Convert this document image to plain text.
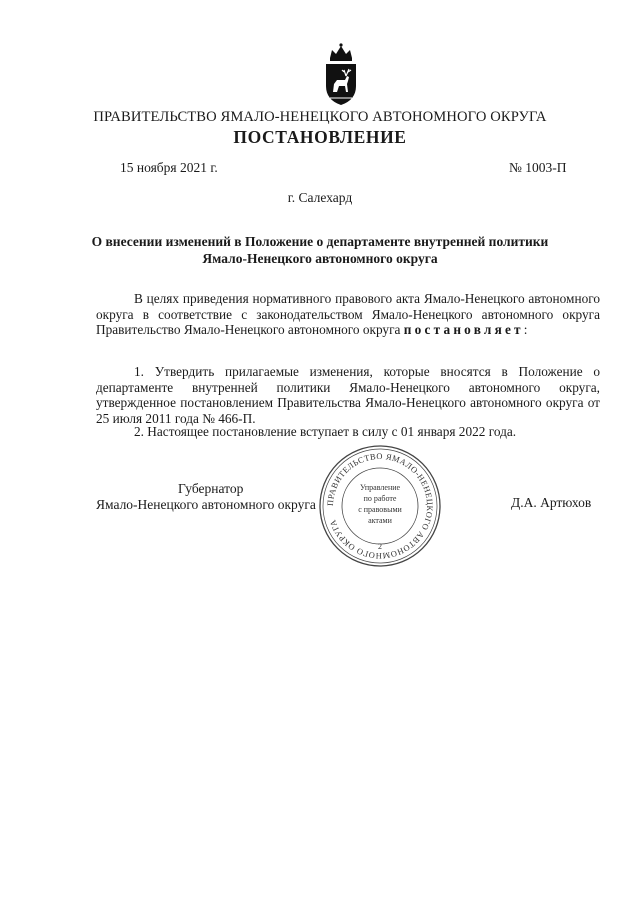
ПРАВИТЕЛЬСТВО ЯМАЛО-НЕНЕЦКОГО АВТОНОМНОГО ОКРУГА
ПОСТАНОВЛЕНИЕ
15 ноября 2021 г.	№ 1003-П
г. Салехард
О внесении изменений в Положение о департаменте внутренней политики
Ямало-Ненецкого автономного округа
В целях приведения нормативного правового акта Ямало-Ненецкого автономного округа в соответствие с законодательством Ямало-Ненецкого автономного округа Правительство Ямало-Ненецкого автономного округа постановляет:
1. Утвердить прилагаемые изменения, которые вносятся в Положение о департаменте внутренней политики Ямало-Ненецкого автономного округа, утвержденное постановлением Правительства Ямало-Ненецкого автономного округа от 25 июля 2011 года № 466-П.
2. Настоящее постановление вступает в силу с 01 января 2022 года.
Губернатор
Ямало-Ненецкого автономного округа	Д.А. Артюхов
ПРАВИТЕЛЬСТВО ЯМАЛО-НЕНЕЦКОГО АВТОНОМНОГО ОКРУГА
Управление
по работе
с правовыми
актами
2
